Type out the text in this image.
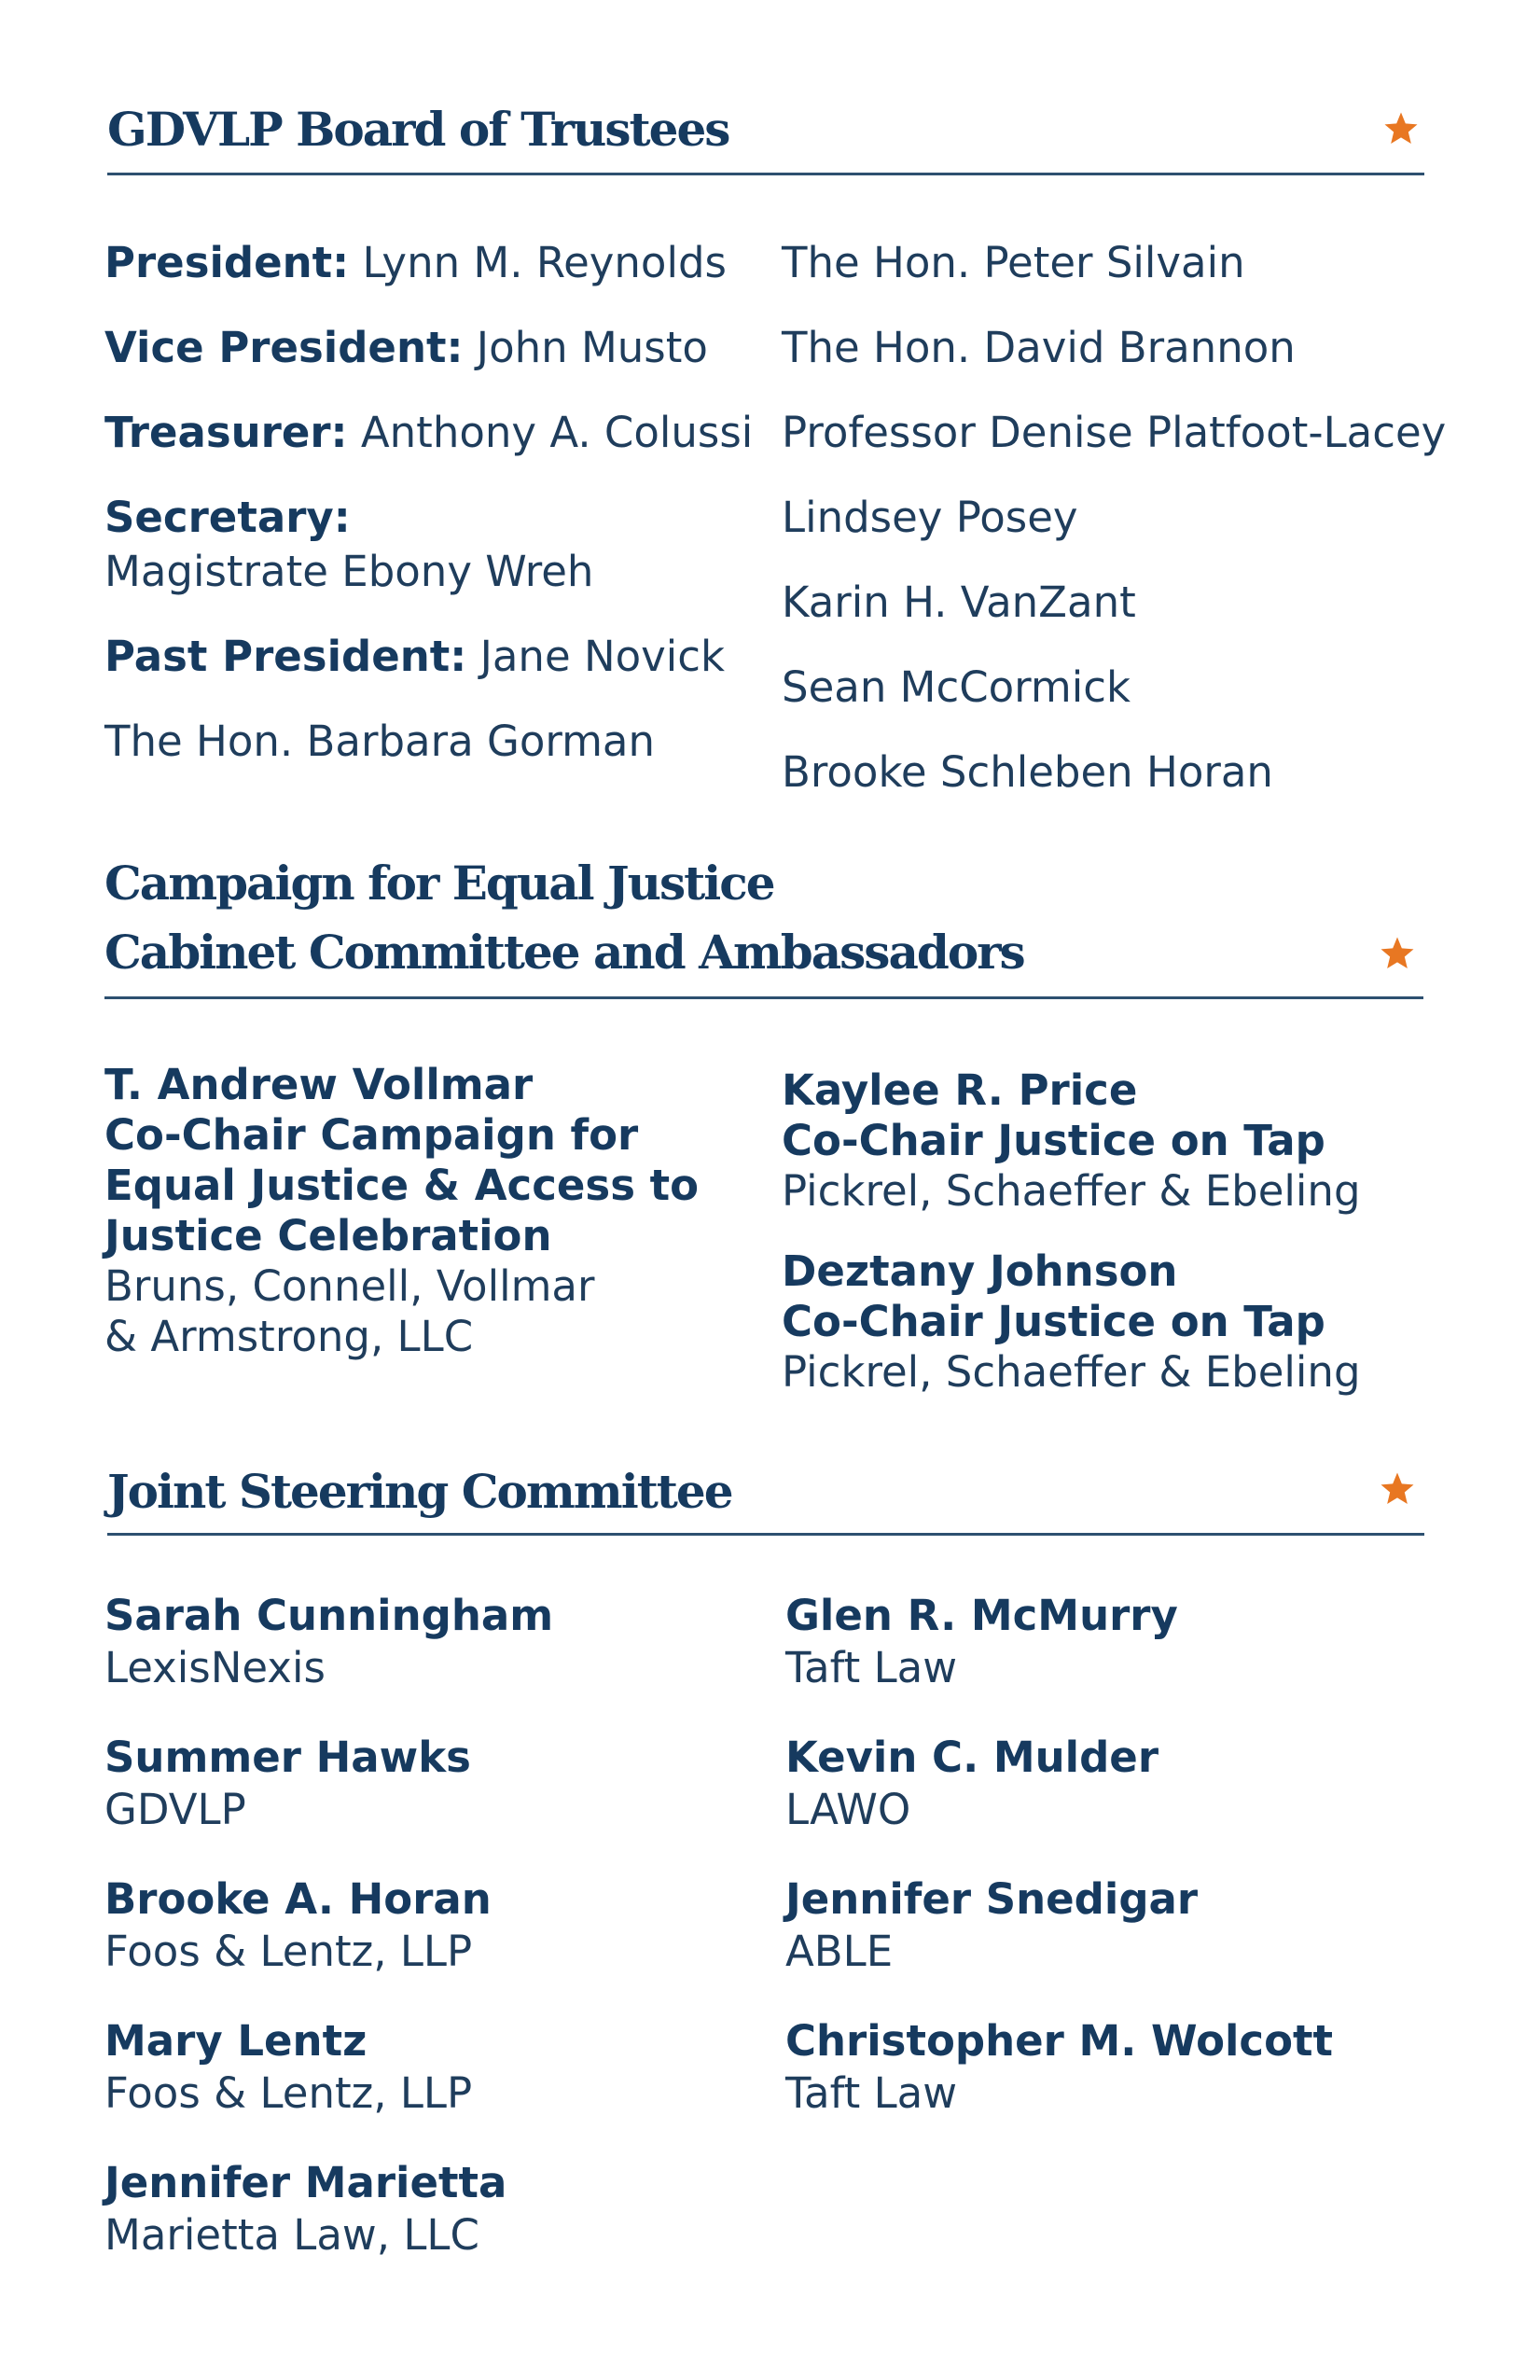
GDVLP Board of Trustees
President: Lynn M. Reynolds
Vice President: John Musto
Treasurer: Anthony A. Colussi
Secretary:
Magistrate Ebony Wreh
Past President: Jane Novick
The Hon. Barbara Gorman
The Hon. Peter Silvain
The Hon. David Brannon
Professor Denise Platfoot-Lacey
Lindsey Posey
Karin H. VanZant
Sean McCormick
Brooke Schleben Horan
Campaign for Equal Justice
Cabinet Committee and Ambassadors
T. Andrew Vollmar
Co-Chair Campaign for
Equal Justice & Access to
Justice Celebration
Bruns, Connell, Vollmar
& Armstrong, LLC
Kaylee R. Price
Co-Chair Justice on Tap
Pickrel, Schaeffer & Ebeling
Deztany Johnson
Co-Chair Justice on Tap
Pickrel, Schaeffer & Ebeling
Joint Steering Committee
Sarah Cunningham
LexisNexis
Summer Hawks
GDVLP
Brooke A. Horan
Foos & Lentz, LLP
Mary Lentz
Foos & Lentz, LLP
Jennifer Marietta
Marietta Law, LLC
Glen R. McMurry
Taft Law
Kevin C. Mulder
LAWO
Jennifer Snedigar
ABLE
Christopher M. Wolcott
Taft Law
